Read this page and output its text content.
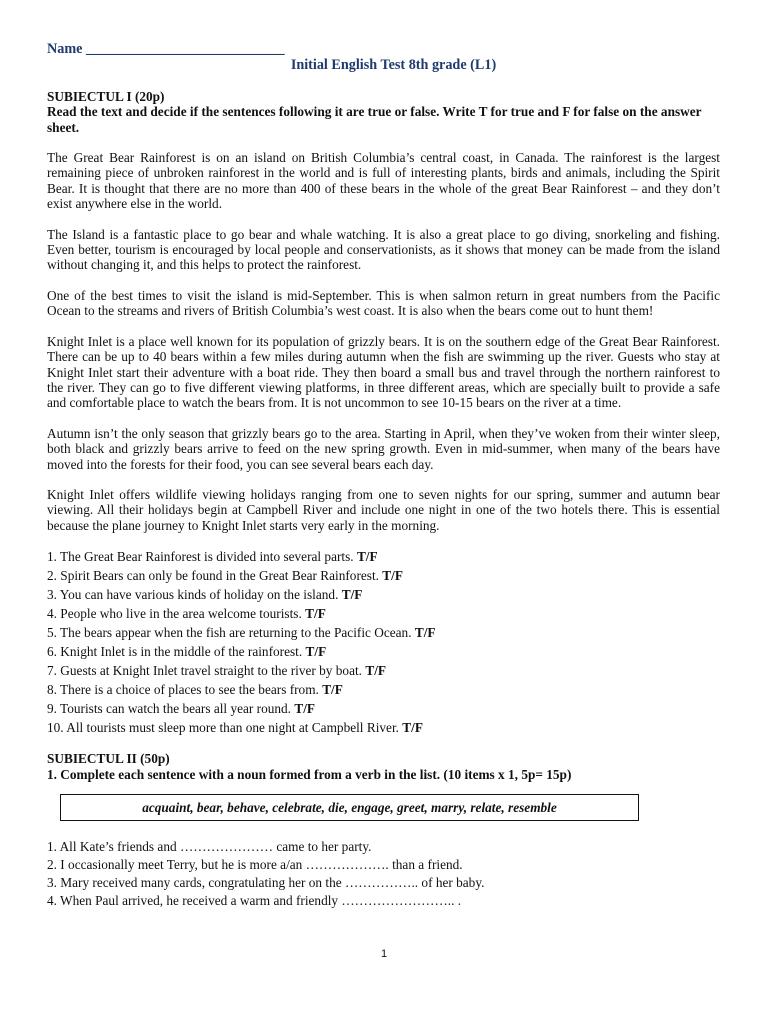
Name ____________________________
Initial English Test 8th grade (L1)
SUBIECTUL I (20p)
Read the text and decide if the sentences following it are true or false. Write T for true and F for false on the answer sheet.

The Great Bear Rainforest is on an island on British Columbia’s central coast, in Canada. The rainforest is the largest remaining piece of unbroken rainforest in the world and is full of interesting plants, birds and animals, including the Spirit Bear. It is thought that there are no more than 400 of these bears in the whole of the great Bear Rainforest – and they don’t exist anywhere else in the world.

The Island is a fantastic place to go bear and whale watching. It is also a great place to go diving, snorkeling and fishing. Even better, tourism is encouraged by local people and conservationists, as it shows that money can be made from the island without changing it, and this helps to protect the rainforest.

One of the best times to visit the island is mid-September. This is when salmon return in great numbers from the Pacific Ocean to the streams and rivers of British Columbia’s west coast. It is also when the bears come out to hunt them!

Knight Inlet is a place well known for its population of grizzly bears. It is on the southern edge of the Great Bear Rainforest. There can be up to 40 bears within a few miles during autumn when the fish are swimming up the river. Guests who stay at Knight Inlet start their adventure with a boat ride. They then board a small bus and travel through the northern rainforest to the river. They can go to five different viewing platforms, in three different areas, which are specially built to provide a safe and comfortable place to watch the bears from. It is not uncommon to see 10-15 bears on the river at a time.

Autumn isn’t the only season that grizzly bears go to the area. Starting in April, when they’ve woken from their winter sleep, both black and grizzly bears arrive to feed on the new spring growth. Even in mid-summer, when many of the bears have moved into the forests for their food, you can see several bears each day.

Knight Inlet offers wildlife viewing holidays ranging from one to seven nights for our spring, summer and autumn bear viewing. All their holidays begin at Campbell River and include one night in one of the two hotels there. This is essential because the plane journey to Knight Inlet starts very early in the morning.

1. The Great Bear Rainforest is divided into several parts. T/F
2. Spirit Bears can only be found in the Great Bear Rainforest. T/F
3. You can have various kinds of holiday on the island. T/F
4. People who live in the area welcome tourists. T/F
5. The bears appear when the fish are returning to the Pacific Ocean. T/F
6. Knight Inlet is in the middle of the rainforest. T/F
7. Guests at Knight Inlet travel straight to the river by boat. T/F
8. There is a choice of places to see the bears from. T/F
9. Tourists can watch the bears all year round. T/F
10. All tourists must sleep more than one night at Campbell River. T/F
SUBIECTUL II (50p)
1. Complete each sentence with a noun formed from a verb in the list. (10 items x 1, 5p= 15p)
acquaint, bear, behave, celebrate, die, engage, greet, marry, relate, resemble
1. All Kate’s friends and ………………… came to her party.
2. I occasionally meet Terry, but he is more a/an ………………. than a friend.
3. Mary received many cards, congratulating her on the …………….. of her baby.
4. When Paul arrived, he received a warm and friendly …………………….. .
1
